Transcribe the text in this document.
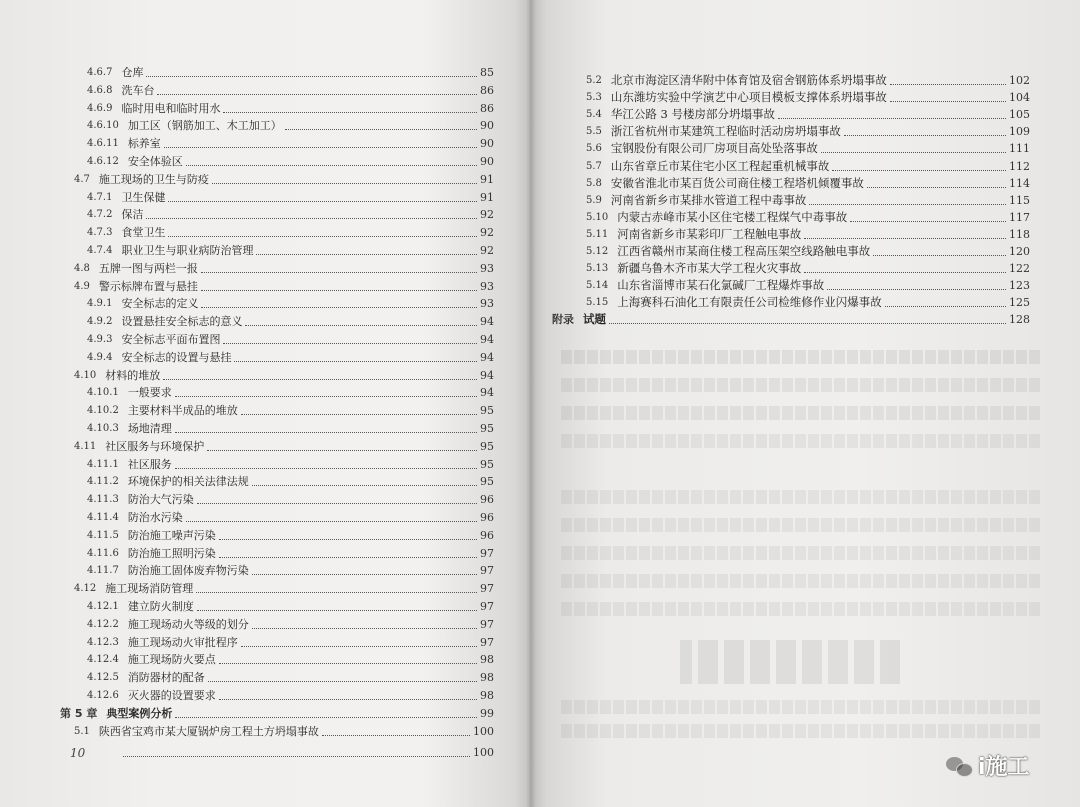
4.6.7 仓库	85
4.6.8 洗车台	86
4.6.9 临时用电和临时用水	86
4.6.10 加工区（钢筋加工、木工加工）	90
4.6.11 标养室	90
4.6.12 安全体验区	90
4.7 施工现场的卫生与防疫	91
4.7.1 卫生保健	91
4.7.2 保洁	92
4.7.3 食堂卫生	92
4.7.4 职业卫生与职业病防治管理	92
4.8 五牌一图与两栏一报	93
4.9 警示标牌布置与悬挂	93
4.9.1 安全标志的定义	93
4.9.2 设置悬挂安全标志的意义	94
4.9.3 安全标志平面布置图	94
4.9.4 安全标志的设置与悬挂	94
4.10 材料的堆放	94
4.10.1 一般要求	94
4.10.2 主要材料半成品的堆放	95
4.10.3 场地清理	95
4.11 社区服务与环境保护	95
4.11.1 社区服务	95
4.11.2 环境保护的相关法律法规	95
4.11.3 防治大气污染	96
4.11.4 防治水污染	96
4.11.5 防治施工噪声污染	96
4.11.6 防治施工照明污染	97
4.11.7 防治施工固体废弃物污染	97
4.12 施工现场消防管理	97
4.12.1 建立防火制度	97
4.12.2 施工现场动火等级的划分	97
4.12.3 施工现场动火审批程序	97
4.12.4 施工现场防火要点	98
4.12.5 消防器材的配备	98
4.12.6 灭火器的设置要求	98
第 5 章 典型案例分析	99
5.1 陕西省宝鸡市某大厦锅炉房工程土方坍塌事故	100
100
10
5.2 北京市海淀区清华附中体育馆及宿舍钢筋体系坍塌事故	102
5.3 山东潍坊实验中学演艺中心项目模板支撑体系坍塌事故	104
5.4 华江公路 3 号楼房部分坍塌事故	105
5.5 浙江省杭州市某建筑工程临时活动房坍塌事故	109
5.6 宝钢股份有限公司厂房项目高处坠落事故	111
5.7 山东省章丘市某住宅小区工程起重机械事故	112
5.8 安徽省淮北市某百货公司商住楼工程塔机倾覆事故	114
5.9 河南省新乡市某排水管道工程中毒事故	115
5.10 内蒙古赤峰市某小区住宅楼工程煤气中毒事故	117
5.11 河南省新乡市某彩印厂工程触电事故	118
5.12 江西省赣州市某商住楼工程高压架空线路触电事故	120
5.13 新疆乌鲁木齐市某大学工程火灾事故	122
5.14 山东省淄博市某石化氯碱厂工程爆炸事故	123
5.15 上海赛科石油化工有限责任公司检维修作业闪爆事故	125
附录 试题	128
i施工
